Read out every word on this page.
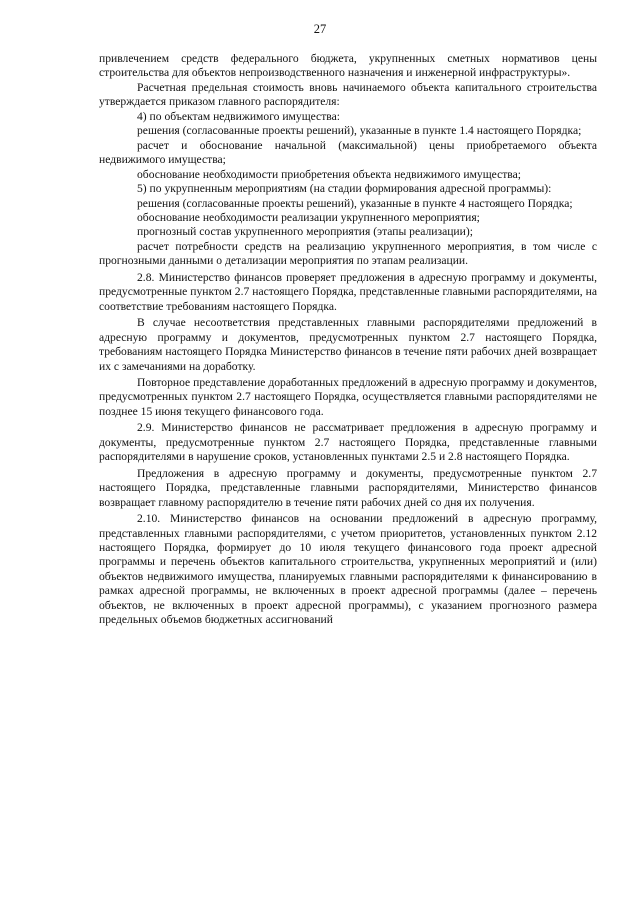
27

привлечением средств федерального бюджета, укрупненных сметных нормативов цены строительства для объектов непроизводственного назначения и инженерной инфраструктуры».

Расчетная предельная стоимость вновь начинаемого объекта капитального строительства утверждается приказом главного распорядителя:

4) по объектам недвижимого имущества:

решения (согласованные проекты решений), указанные в пункте 1.4 настоящего Порядка;

расчет и обоснование начальной (максимальной) цены приобретаемого объекта недвижимого имущества;

обоснование необходимости приобретения объекта недвижимого имущества;

5) по укрупненным мероприятиям (на стадии формирования адресной программы):

решения (согласованные проекты решений), указанные в пункте 4 настоящего Порядка;

обоснование необходимости реализации укрупненного мероприятия;

прогнозный состав укрупненного мероприятия (этапы реализации);

расчет потребности средств на реализацию укрупненного мероприятия, в том числе с прогнозными данными о детализации мероприятия по этапам реализации.

2.8. Министерство финансов проверяет предложения в адресную программу и документы, предусмотренные пунктом 2.7 настоящего Порядка, представленные главными распорядителями, на соответствие требованиям настоящего Порядка.

В случае несоответствия представленных главными распорядителями предложений в адресную программу и документов, предусмотренных пунктом 2.7 настоящего Порядка, требованиям настоящего Порядка Министерство финансов в течение пяти рабочих дней возвращает их с замечаниями на доработку.

Повторное представление доработанных предложений в адресную программу и документов, предусмотренных пунктом 2.7 настоящего Порядка, осуществляется главными распорядителями не позднее 15 июня текущего финансового года.

2.9. Министерство финансов не рассматривает предложения в адресную программу и документы, предусмотренные пунктом 2.7 настоящего Порядка, представленные главными распорядителями в нарушение сроков, установленных пунктами 2.5 и 2.8 настоящего Порядка.

Предложения в адресную программу и документы, предусмотренные пунктом 2.7 настоящего Порядка, представленные главными распорядителями, Министерство финансов возвращает главному распорядителю в течение пяти рабочих дней со дня их получения.

2.10. Министерство финансов на основании предложений в адресную программу, представленных главными распорядителями, с учетом приоритетов, установленных пунктом 2.12 настоящего Порядка, формирует до 10 июля текущего финансового года проект адресной программы и перечень объектов капитального строительства, укрупненных мероприятий и (или) объектов недвижимого имущества, планируемых главными распорядителями к финансированию в рамках адресной программы, не включенных в проект адресной программы (далее – перечень объектов, не включенных в проект адресной программы), с указанием прогнозного размера предельных объемов бюджетных ассигнований
